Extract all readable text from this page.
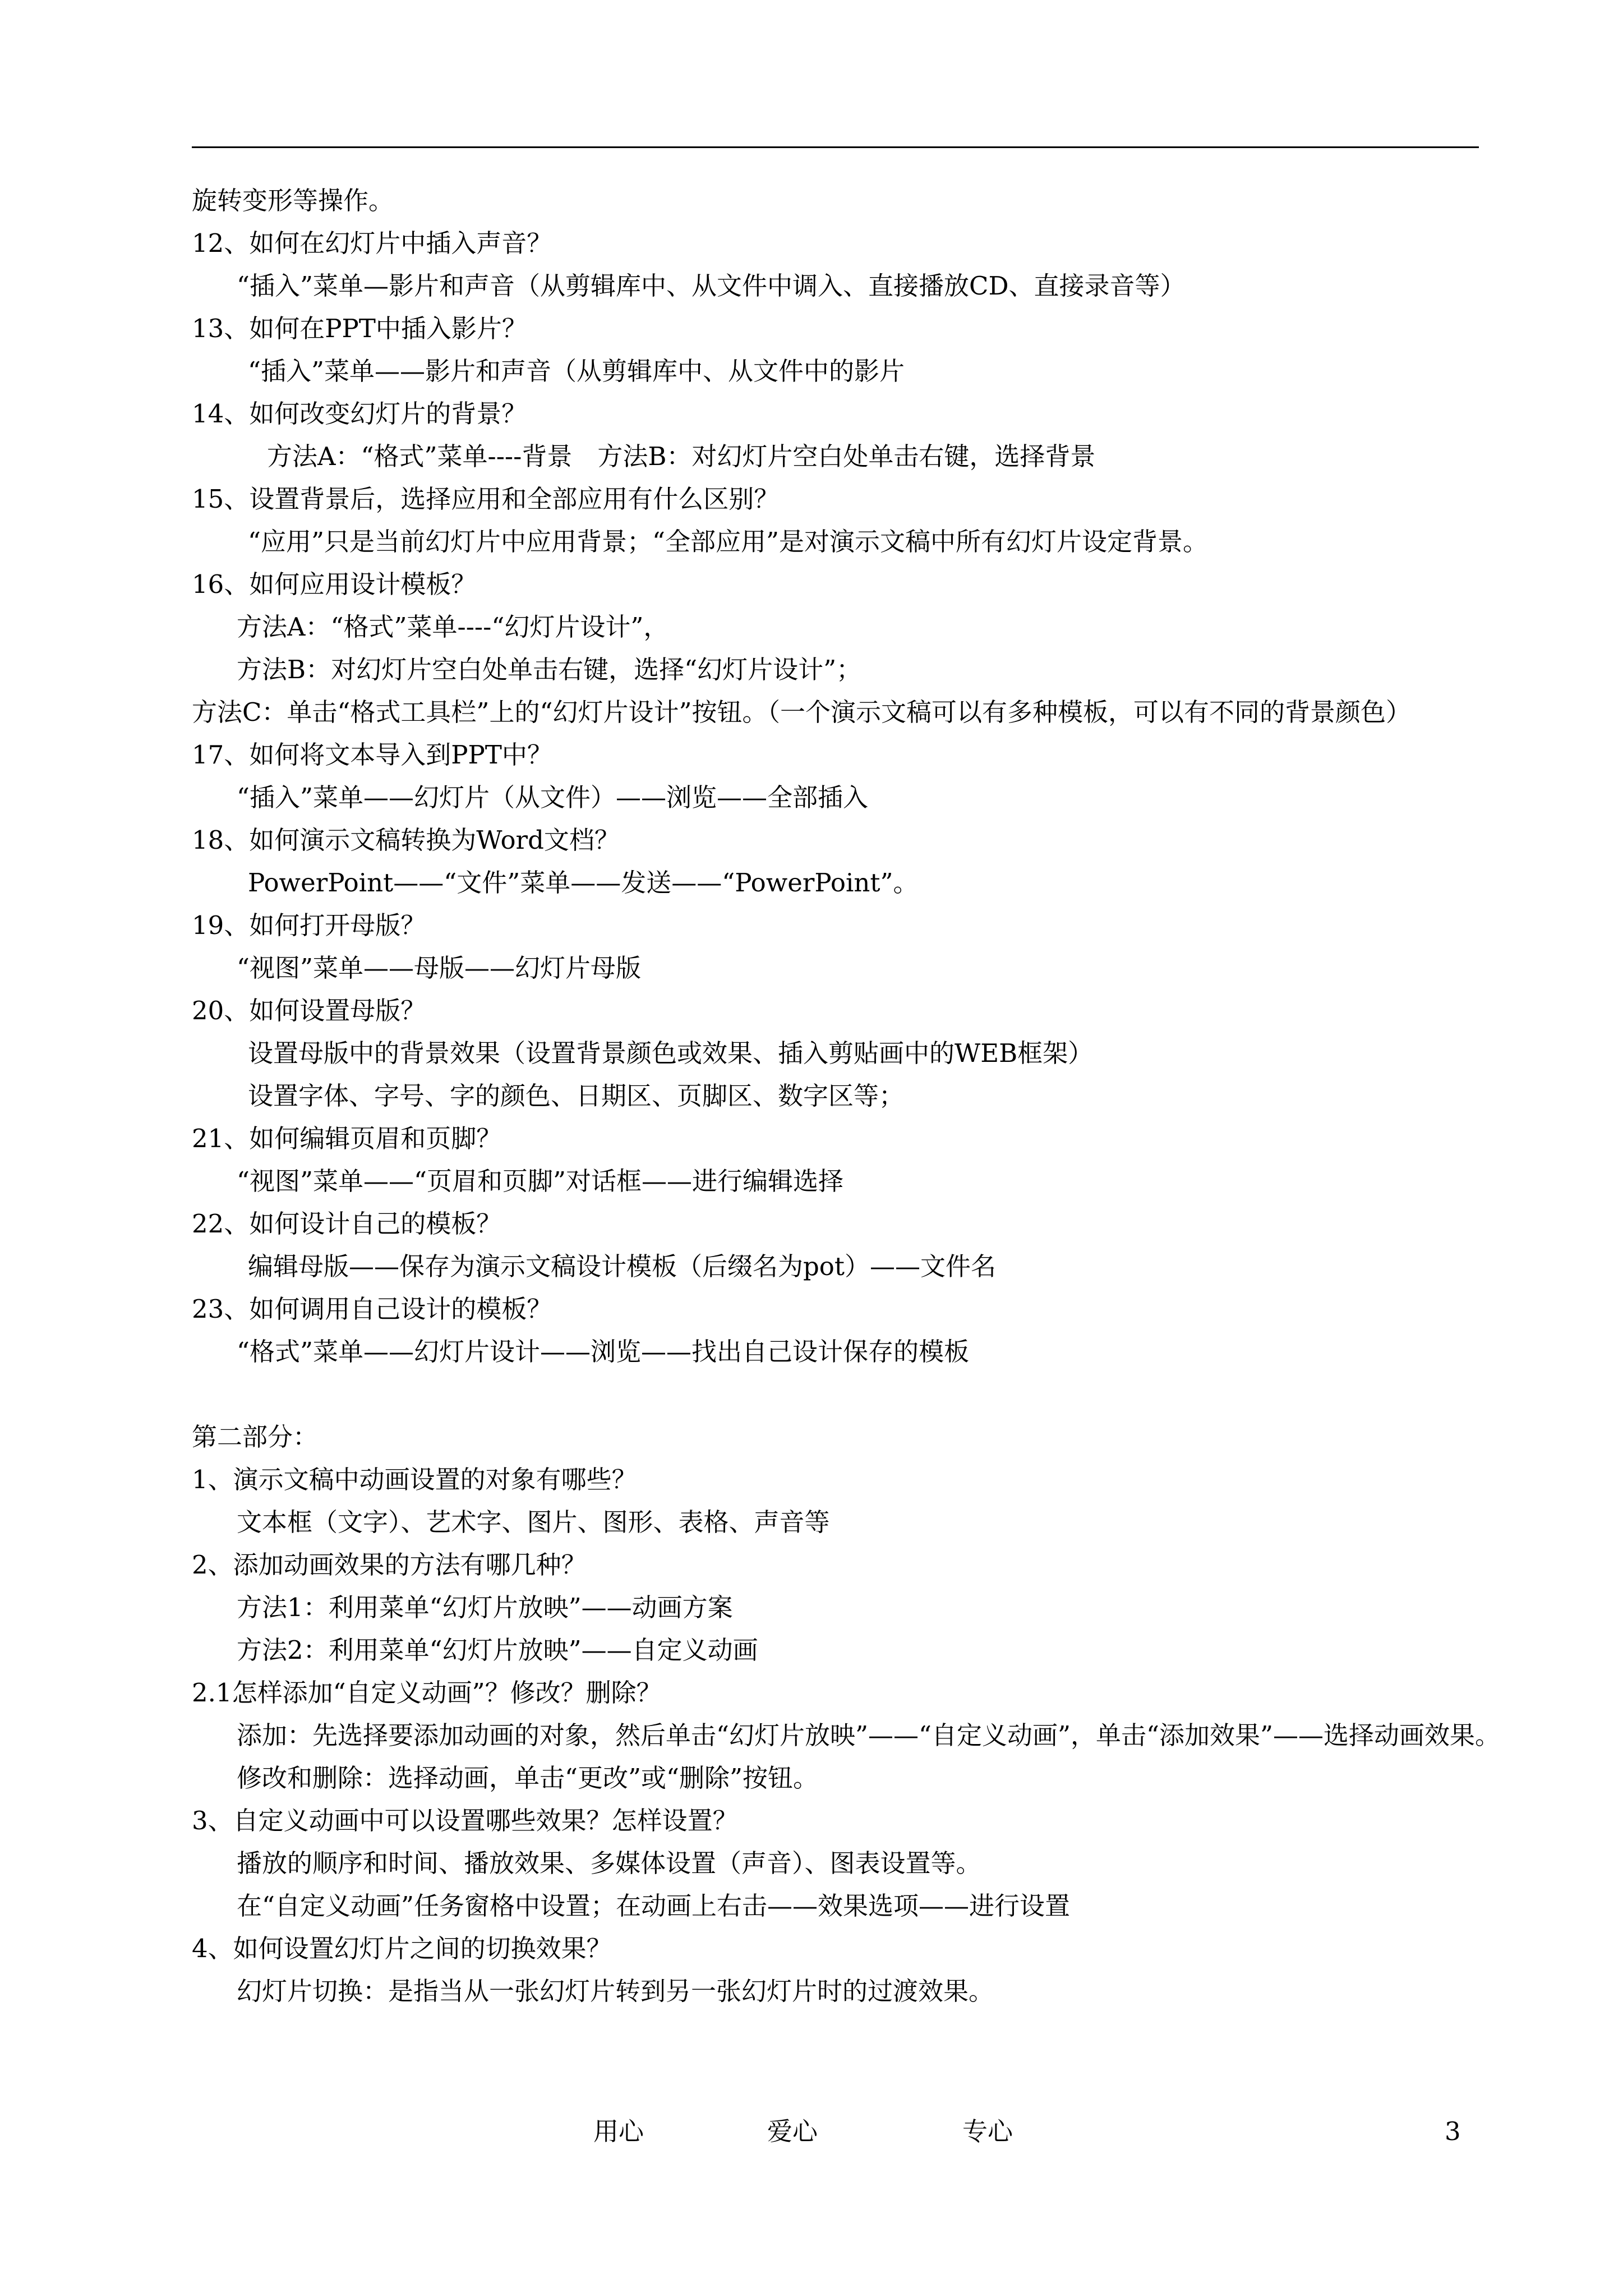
旋转变形等操作。
12、如何在幻灯片中插入声音？
“插入”菜单—影片和声音（从剪辑库中、从文件中调入、直接播放CD、直接录音等）
13、如何在PPT中插入影片？
“插入”菜单——影片和声音（从剪辑库中、从文件中的影片
14、如何改变幻灯片的背景？
方法A：“格式”菜单----背景　方法B：对幻灯片空白处单击右键，选择背景
15、设置背景后，选择应用和全部应用有什么区别？
“应用”只是当前幻灯片中应用背景；“全部应用”是对演示文稿中所有幻灯片设定背景。
16、如何应用设计模板？
方法A：“格式”菜单----“幻灯片设计”，
方法B：对幻灯片空白处单击右键，选择“幻灯片设计”；
方法C：单击“格式工具栏”上的“幻灯片设计”按钮。（一个演示文稿可以有多种模板，可以有不同的背景颜色）
17、如何将文本导入到PPT中？
“插入”菜单——幻灯片（从文件）——浏览——全部插入
18、如何演示文稿转换为Word文档？
PowerPoint——“文件”菜单——发送——“PowerPoint”。
19、如何打开母版？
“视图”菜单——母版——幻灯片母版
20、如何设置母版？
设置母版中的背景效果（设置背景颜色或效果、插入剪贴画中的WEB框架）
设置字体、字号、字的颜色、日期区、页脚区、数字区等；
21、如何编辑页眉和页脚？
“视图”菜单——“页眉和页脚”对话框——进行编辑选择
22、如何设计自己的模板？
编辑母版——保存为演示文稿设计模板（后缀名为pot）——文件名
23、如何调用自己设计的模板？
“格式”菜单——幻灯片设计——浏览——找出自己设计保存的模板
第二部分：
1、演示文稿中动画设置的对象有哪些？
文本框（文字）、艺术字、图片、图形、表格、声音等
2、添加动画效果的方法有哪几种？
方法1：利用菜单“幻灯片放映”——动画方案
方法2：利用菜单“幻灯片放映”——自定义动画
2.1怎样添加“自定义动画”？修改？删除？
添加：先选择要添加动画的对象，然后单击“幻灯片放映”——“自定义动画”，单击“添加效果”——选择动画效果。
修改和删除：选择动画，单击“更改”或“删除”按钮。
3、自定义动画中可以设置哪些效果？怎样设置？
播放的顺序和时间、播放效果、多媒体设置（声音）、图表设置等。
在“自定义动画”任务窗格中设置；在动画上右击——效果选项——进行设置
4、如何设置幻灯片之间的切换效果？
幻灯片切换：是指当从一张幻灯片转到另一张幻灯片时的过渡效果。
用心	爱心	专心	3
